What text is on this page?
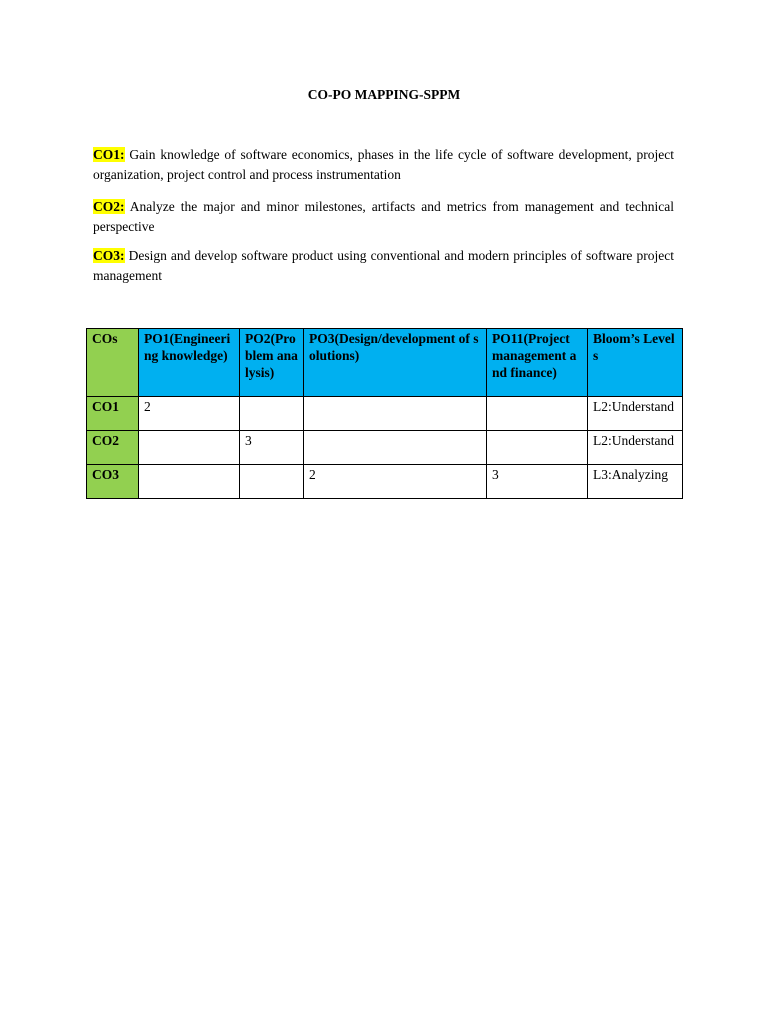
CO-PO MAPPING-SPPM

CO1: Gain knowledge of software economics, phases in the life cycle of software development, project organization, project control and process instrumentation

CO2: Analyze the major and minor milestones, artifacts and metrics from management and technical perspective

CO3: Design and develop software product using conventional and modern principles of software project management

COs	PO1(Engineering knowledge)	PO2(Problem analysis)	PO3(Design/development of solutions)	PO11(Project management and finance)	Bloom’s Levels
CO1	2				L2:Understand
CO2		3			L2:Understand
CO3			2	3	L3:Analyzing
